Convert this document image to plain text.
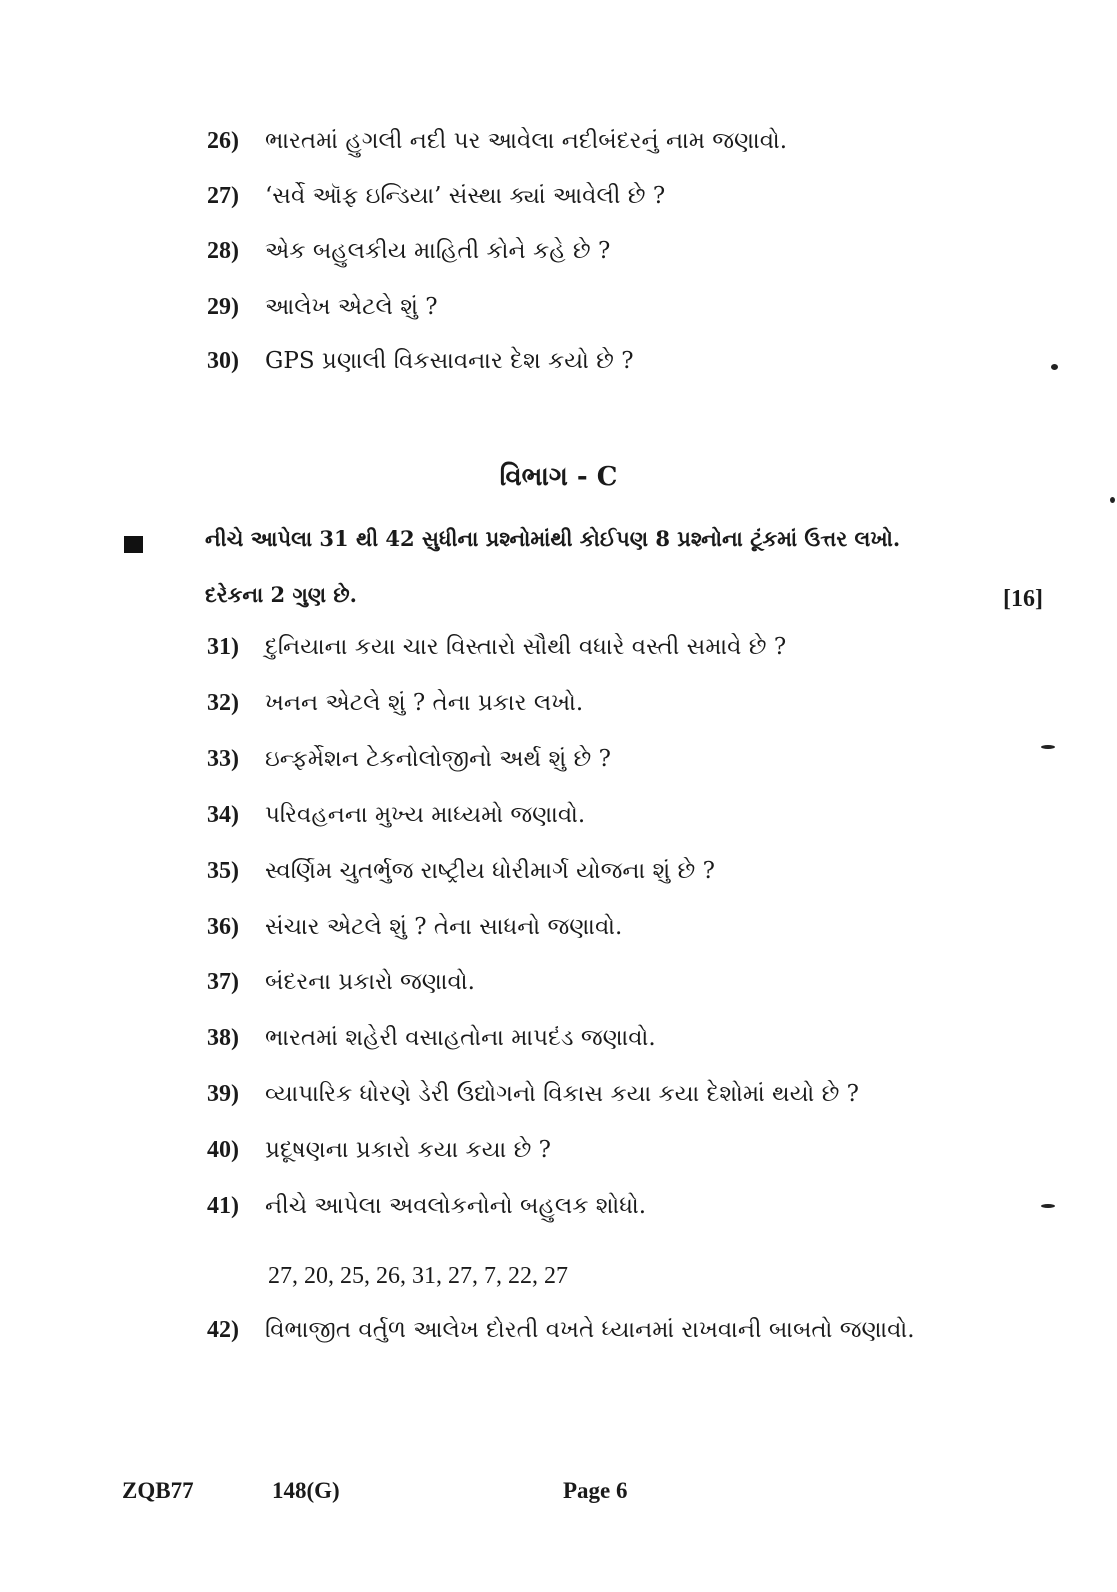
26) ભારતમાં હુગલી નદી પર આવેલા નદીબંદરનું નામ જણાવો.
27) ‘સર્વે ઑફ ઇન્ડિયા’ સંસ્થા ક્યાં આવેલી છે ?
28) એક બહુલકીય માહિતી કોને કહે છે ?
29) આલેખ એટલે શું ?
30) GPS પ્રણાલી વિકસાવનાર દેશ કયો છે ?
વિભાગ - C
નીચે આપેલા 31 થી 42 સુધીના પ્રશ્નોમાંથી કોઈપણ 8 પ્રશ્નોના ટૂંકમાં ઉત્તર લખો.
દરેકના 2 ગુણ છે.	[16]
31) દુનિયાના કયા ચાર વિસ્તારો સૌથી વધારે વસ્તી સમાવે છે ?
32) ખનન એટલે શું ? તેના પ્રકાર લખો.
33) ઇન્ફર્મેશન ટેકનોલોજીનો અર્થ શું છે ?
34) પરિવહનના મુખ્ય માધ્યમો જણાવો.
35) સ્વર્ણિમ ચુતર્ભુજ રાષ્ટ્રીય ધોરીમાર્ગ યોજના શું છે ?
36) સંચાર એટલે શું ? તેના સાધનો જણાવો.
37) બંદરના પ્રકારો જણાવો.
38) ભારતમાં શહેરી વસાહતોના માપદંડ જણાવો.
39) વ્યાપારિક ધોરણે ડેરી ઉદ્યોગનો વિકાસ કયા કયા દેશોમાં થયો છે ?
40) પ્રદૂષણના પ્રકારો કયા કયા છે ?
41) નીચે આપેલા અવલોકનોનો બહુલક શોધો.
27, 20, 25, 26, 31, 27, 7, 22, 27
42) વિભાજીત વર્તુળ આલેખ દોરતી વખતે ધ્યાનમાં રાખવાની બાબતો જણાવો.
ZQB77	148(G)	Page 6
